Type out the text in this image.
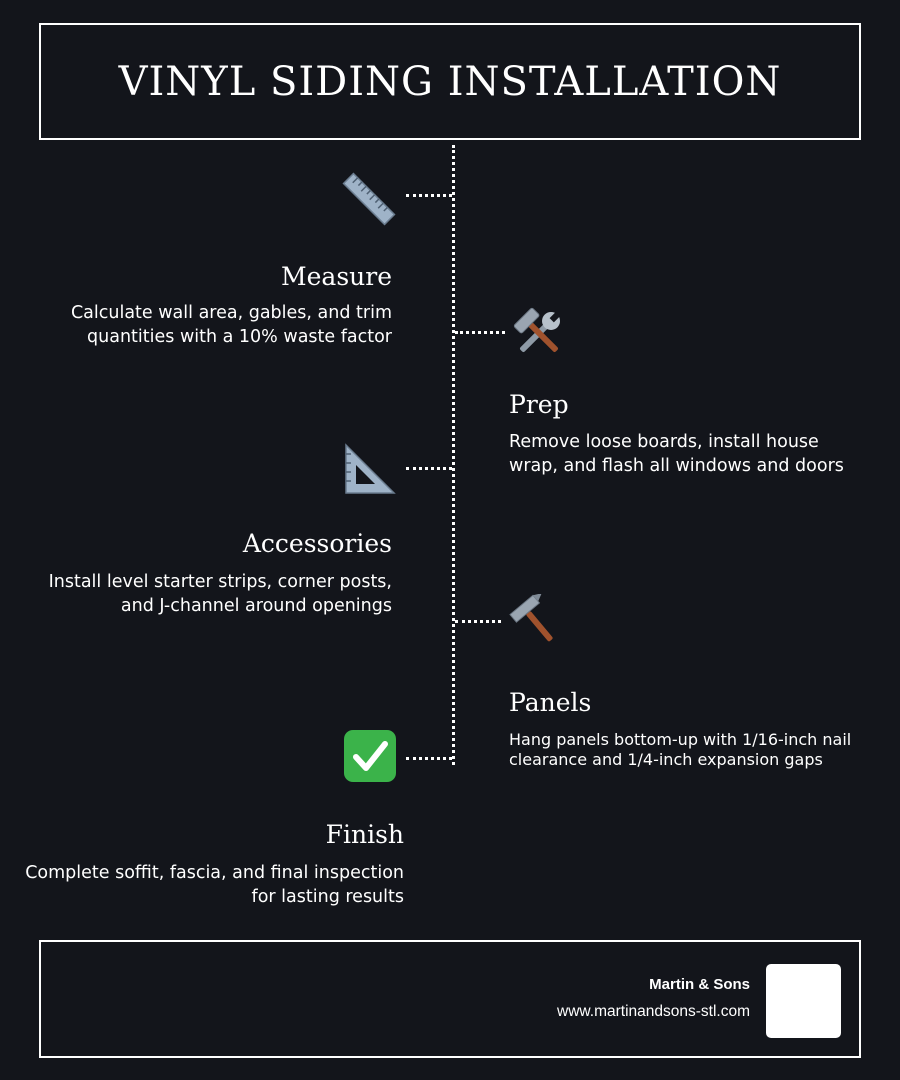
VINYL SIDING INSTALLATION
Measure
Calculate wall area, gables, and trim quantities with a 10% waste factor
Prep
Remove loose boards, install house wrap, and flash all windows and doors
Accessories
Install level starter strips, corner posts, and J-channel around openings
Panels
Hang panels bottom-up with 1/16-inch nail clearance and 1/4-inch expansion gaps
Finish
Complete soffit, fascia, and final inspection for lasting results
Martin & Sons
www.martinandsons-stl.com
